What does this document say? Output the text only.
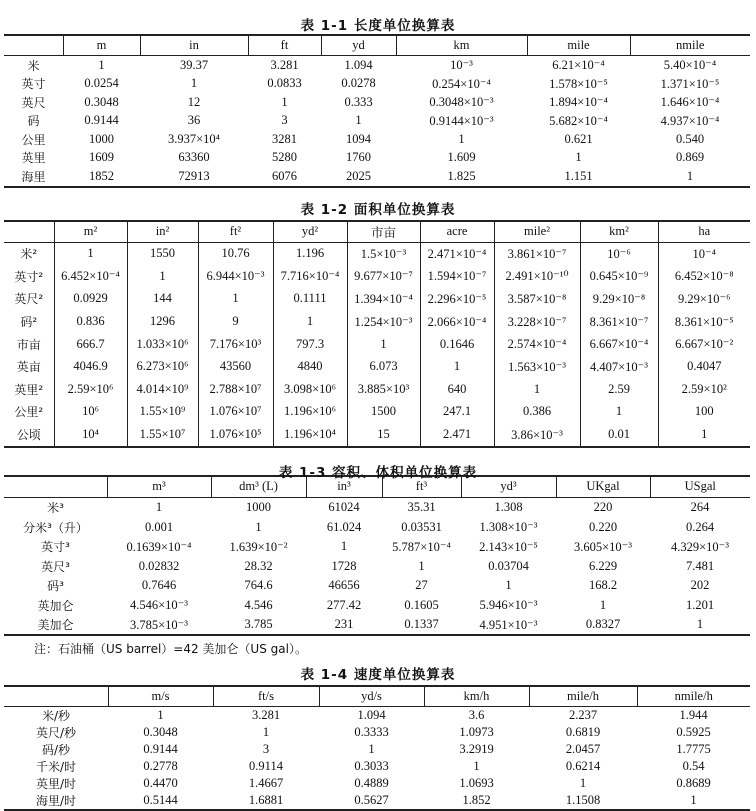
表 1-1 长度单位换算表
	m	in	ft	yd	km	mile	nmile
米	1	39.37	3.281	1.094	10⁻³	6.21×10⁻⁴	5.40×10⁻⁴
英寸	0.0254	1	0.0833	0.0278	0.254×10⁻⁴	1.578×10⁻⁵	1.371×10⁻⁵
英尺	0.3048	12	1	0.333	0.3048×10⁻³	1.894×10⁻⁴	1.646×10⁻⁴
码	0.9144	36	3	1	0.9144×10⁻³	5.682×10⁻⁴	4.937×10⁻⁴
公里	1000	3.937×10⁴	3281	1094	1	0.621	0.540
英里	1609	63360	5280	1760	1.609	1	0.869
海里	1852	72913	6076	2025	1.825	1.151	1
表 1-2 面积单位换算表
	m²	in²	ft²	yd²	市亩	acre	mile²	km²	ha
米²	1	1550	10.76	1.196	1.5×10⁻³	2.471×10⁻⁴	3.861×10⁻⁷	10⁻⁶	10⁻⁴
英寸²	6.452×10⁻⁴	1	6.944×10⁻³	7.716×10⁻⁴	9.677×10⁻⁷	1.594×10⁻⁷	2.491×10⁻¹⁰	0.645×10⁻⁹	6.452×10⁻⁸
英尺²	0.0929	144	1	0.1111	1.394×10⁻⁴	2.296×10⁻⁵	3.587×10⁻⁸	9.29×10⁻⁸	9.29×10⁻⁶
码²	0.836	1296	9	1	1.254×10⁻³	2.066×10⁻⁴	3.228×10⁻⁷	8.361×10⁻⁷	8.361×10⁻⁵
市亩	666.7	1.033×10⁶	7.176×10³	797.3	1	0.1646	2.574×10⁻⁴	6.667×10⁻⁴	6.667×10⁻²
英亩	4046.9	6.273×10⁶	43560	4840	6.073	1	1.563×10⁻³	4.407×10⁻³	0.4047
英里²	2.59×10⁶	4.014×10⁹	2.788×10⁷	3.098×10⁶	3.885×10³	640	1	2.59	2.59×10²
公里²	10⁶	1.55×10⁹	1.076×10⁷	1.196×10⁶	1500	247.1	0.386	1	100
公顷	10⁴	1.55×10⁷	1.076×10⁵	1.196×10⁴	15	2.471	3.86×10⁻³	0.01	1
表 1-3 容积、体积单位换算表
	m³	dm³ (L)	in³	ft³	yd³	UKgal	USgal
米³	1	1000	61024	35.31	1.308	220	264
分米³（升）	0.001	1	61.024	0.03531	1.308×10⁻³	0.220	0.264
英寸³	0.1639×10⁻⁴	1.639×10⁻²	1	5.787×10⁻⁴	2.143×10⁻⁵	3.605×10⁻³	4.329×10⁻³
英尺³	0.02832	28.32	1728	1	0.03704	6.229	7.481
码³	0.7646	764.6	46656	27	1	168.2	202
英加仑	4.546×10⁻³	4.546	277.42	0.1605	5.946×10⁻³	1	1.201
美加仑	3.785×10⁻³	3.785	231	0.1337	4.951×10⁻³	0.8327	1
注：石油桶（US barrel）=42 美加仑（US gal）。
表 1-4 速度单位换算表
	m/s	ft/s	yd/s	km/h	mile/h	nmile/h
米/秒	1	3.281	1.094	3.6	2.237	1.944
英尺/秒	0.3048	1	0.3333	1.0973	0.6819	0.5925
码/秒	0.9144	3	1	3.2919	2.0457	1.7775
千米/时	0.2778	0.9114	0.3033	1	0.6214	0.54
英里/时	0.4470	1.4667	0.4889	1.0693	1	0.8689
海里/时	0.5144	1.6881	0.5627	1.852	1.1508	1
